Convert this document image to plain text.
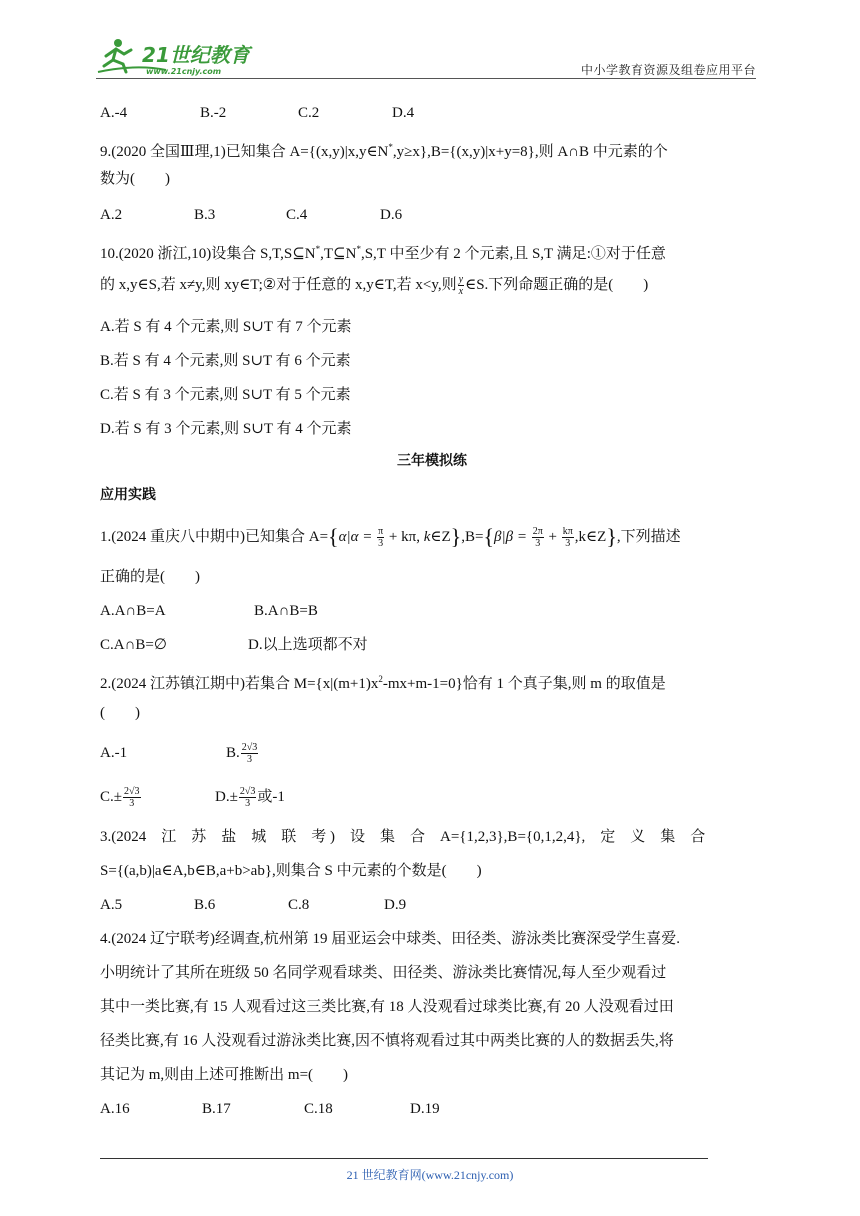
21世纪教育
www.21cnjy.com	中小学教育资源及组卷应用平台
A.-4	B.-2	C.2	D.4
9.(2020 全国Ⅲ理,1)已知集合 A={(x,y)|x,y∈N*,y≥x},B={(x,y)|x+y=8},则 A∩B 中元素的个
数为(　　)
A.2	B.3	C.4	D.6
10.(2020 浙江,10)设集合 S,T,S⊆N*,T⊆N*,S,T 中至少有 2 个元素,且 S,T 满足:①对于任意
的 x,y∈S,若 x≠y,则 xy∈T;②对于任意的 x,y∈T,若 x<y,则 $\frac{y}{x}$ ∈S.下列命题正确的是(　　)
A.若 S 有 4 个元素,则 S∪T 有 7 个元素
B.若 S 有 4 个元素,则 S∪T 有 6 个元素
C.若 S 有 3 个元素,则 S∪T 有 5 个元素
D.若 S 有 3 个元素,则 S∪T 有 4 个元素
三年模拟练
应用实践
1.(2024 重庆八中期中)已知集合 $A=\{\alpha|\alpha = \frac{\pi}{3} + k\pi$, k∈Z},B={β|β = $\frac{2\pi}{3} + \frac{k\pi}{3}$ ,k∈Z},下列描述
正确的是(　　)
A.A∩B=A	B.A∩B=B
C.A∩B=∅	D.以上选项都不对
2.(2024 江苏镇江期中)若集合 $M=\{x|(m+1)x^2-mx+m-1=0\}$恰有 1 个真子集,则 m 的取值是
(　　)
A.-1	B. $\frac{2√3}{3}$
$C.\pm \frac{2√3}{3}$	$D.\pm \frac{2√3}{3}$ 或-1
3.(2024　江　苏　盐　城　联　考 )　设　集　合　A={1,2,3},B={0,1,2,4},　定　义　集　合
S={(a,b)|a∈A,b∈B,a+b>ab},则集合 S 中元素的个数是(　　)
A.5	B.6	C.8	D.9
4.(2024 辽宁联考)经调查,杭州第 19 届亚运会中球类、田径类、游泳类比赛深受学生喜爱.
小明统计了其所在班级 50 名同学观看球类、田径类、游泳类比赛情况,每人至少观看过
其中一类比赛,有 15 人观看过这三类比赛,有 18 人没观看过球类比赛,有 20 人没观看过田
径类比赛,有 16 人没观看过游泳类比赛,因不慎将观看过其中两类比赛的人的数据丢失,将
其记为 m,则由上述可推断出 m=(　　)
A.16	B.17	C.18	D.19
21 世纪教育网(www.21cnjy.com)
